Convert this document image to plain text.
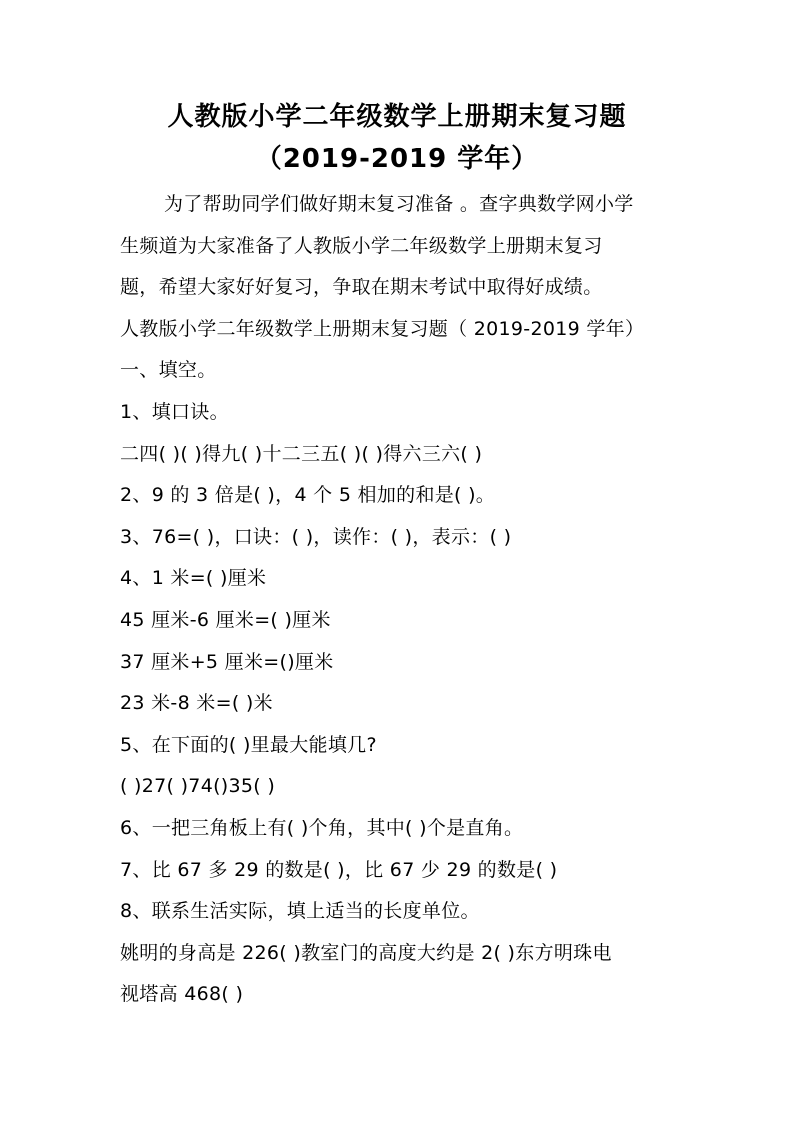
人教版小学二年级数学上册期末复习题
（2019-2019 学年）

为了帮助同学们做好期末复习准备 。查字典数学网小学

生频道为大家准备了人教版小学二年级数学上册期末复习

题，希望大家好好复习，争取在期末考试中取得好成绩。

人教版小学二年级数学上册期末复习题（ 2019-2019 学年）

一、填空。

1、填口诀。

二四( )( )得九( )十二三五( )( )得六三六( )

2、9 的 3 倍是( )，4 个 5 相加的和是( )。

3、76=( )，口诀：( )，读作：( )，表示：( )

4、1 米=( )厘米

45 厘米-6 厘米=( )厘米

37 厘米+5 厘米=()厘米

23 米-8 米=( )米

5、在下面的( )里最大能填几?

( )27( )74()35( )

6、一把三角板上有( )个角，其中( )个是直角。

7、比 67 多 29 的数是( )，比 67 少 29 的数是( )

8、联系生活实际，填上适当的长度单位。

姚明的身高是 226( )教室门的高度大约是 2( )东方明珠电

视塔高 468( )
